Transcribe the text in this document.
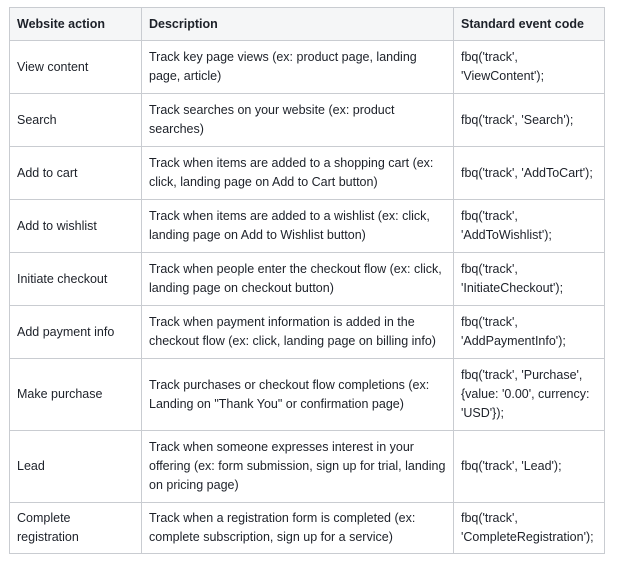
Website action	Description	Standard event code
View content	Track key page views (ex: product page, landing page, article)	fbq('track', 'ViewContent');
Search	Track searches on your website (ex: product searches)	fbq('track', 'Search');
Add to cart	Track when items are added to a shopping cart (ex: click, landing page on Add to Cart button)	fbq('track', 'AddToCart');
Add to wishlist	Track when items are added to a wishlist (ex: click, landing page on Add to Wishlist button)	fbq('track', 'AddToWishlist');
Initiate checkout	Track when people enter the checkout flow (ex: click, landing page on checkout button)	fbq('track', 'InitiateCheckout');
Add payment info	Track when payment information is added in the checkout flow (ex: click, landing page on billing info)	fbq('track', 'AddPaymentInfo');
Make purchase	Track purchases or checkout flow completions (ex: Landing on "Thank You" or confirmation page)	fbq('track', 'Purchase', {value: '0.00', currency: 'USD'});
Lead	Track when someone expresses interest in your offering (ex: form submission, sign up for trial, landing on pricing page)	fbq('track', 'Lead');
Complete registration	Track when a registration form is completed (ex: complete subscription, sign up for a service)	fbq('track', 'CompleteRegistration');
